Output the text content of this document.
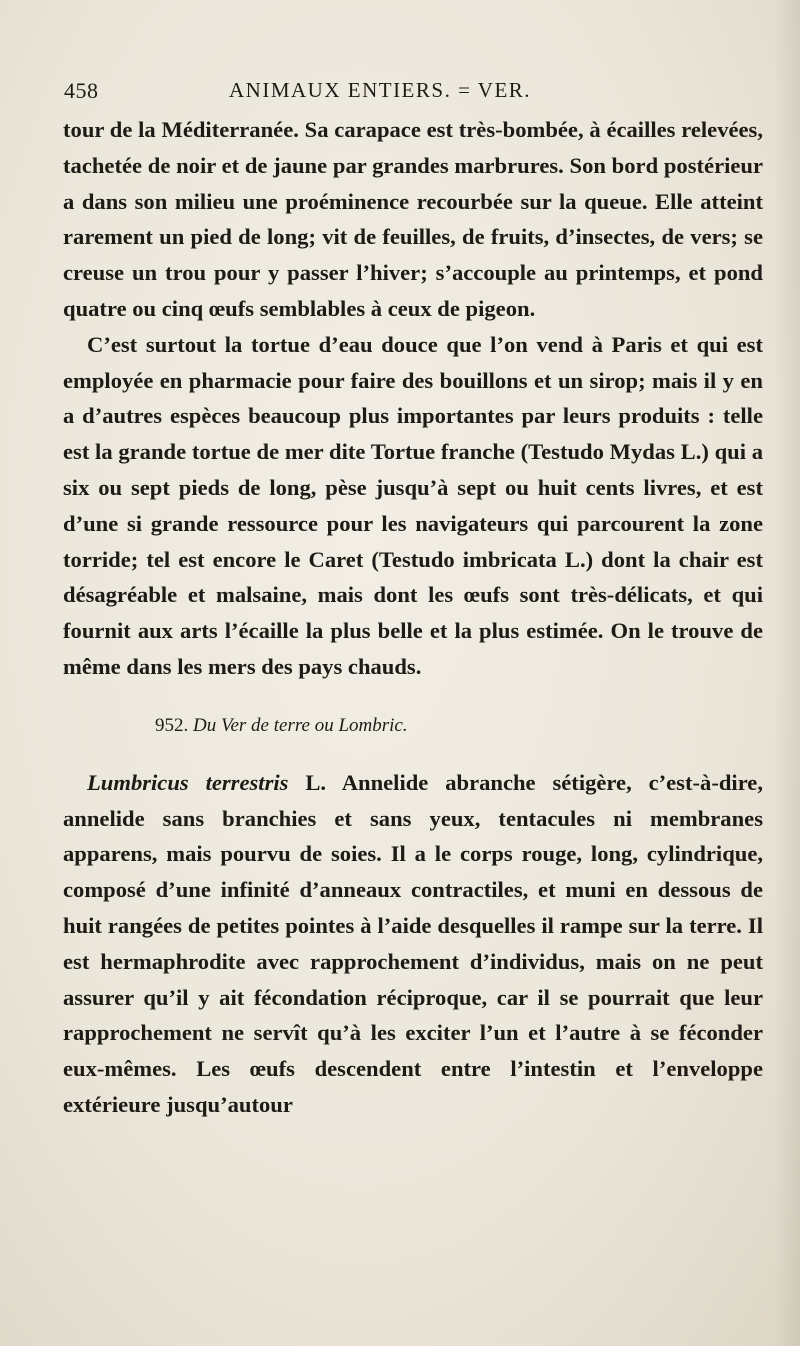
458	ANIMAUX ENTIERS. = VER.

tour de la Méditerranée. Sa carapace est très-bombée, à écailles relevées, tachetée de noir et de jaune par grandes marbrures. Son bord postérieur a dans son milieu une proéminence recourbée sur la queue. Elle atteint rarement un pied de long; vit de feuilles, de fruits, d’insectes, de vers; se creuse un trou pour y passer l’hiver; s’accouple au printemps, et pond quatre ou cinq œufs semblables à ceux de pigeon.

C’est surtout la tortue d’eau douce que l’on vend à Paris et qui est employée en pharmacie pour faire des bouillons et un sirop; mais il y en a d’autres espèces beaucoup plus importantes par leurs produits : telle est la grande tortue de mer dite Tortue franche (Testudo Mydas L.) qui a six ou sept pieds de long, pèse jusqu’à sept ou huit cents livres, et est d’une si grande ressource pour les navigateurs qui parcourent la zone torride; tel est encore le Caret (Testudo imbricata L.) dont la chair est désagréable et malsaine, mais dont les œufs sont très-délicats, et qui fournit aux arts l’écaille la plus belle et la plus estimée. On le trouve de même dans les mers des pays chauds.

952. Du Ver de terre ou Lombric.

Lumbricus terrestris L. Annelide abranche sétigère, c’est-à-dire, annelide sans branchies et sans yeux, tentacules ni membranes apparens, mais pourvu de soies. Il a le corps rouge, long, cylindrique, composé d’une infinité d’anneaux contractiles, et muni en dessous de huit rangées de petites pointes à l’aide desquelles il rampe sur la terre. Il est hermaphrodite avec rapprochement d’individus, mais on ne peut assurer qu’il y ait fécondation réciproque, car il se pourrait que leur rapprochement ne servît qu’à les exciter l’un et l’autre à se féconder eux-mêmes. Les œufs descendent entre l’intestin et l’enveloppe extérieure jusqu’autour
